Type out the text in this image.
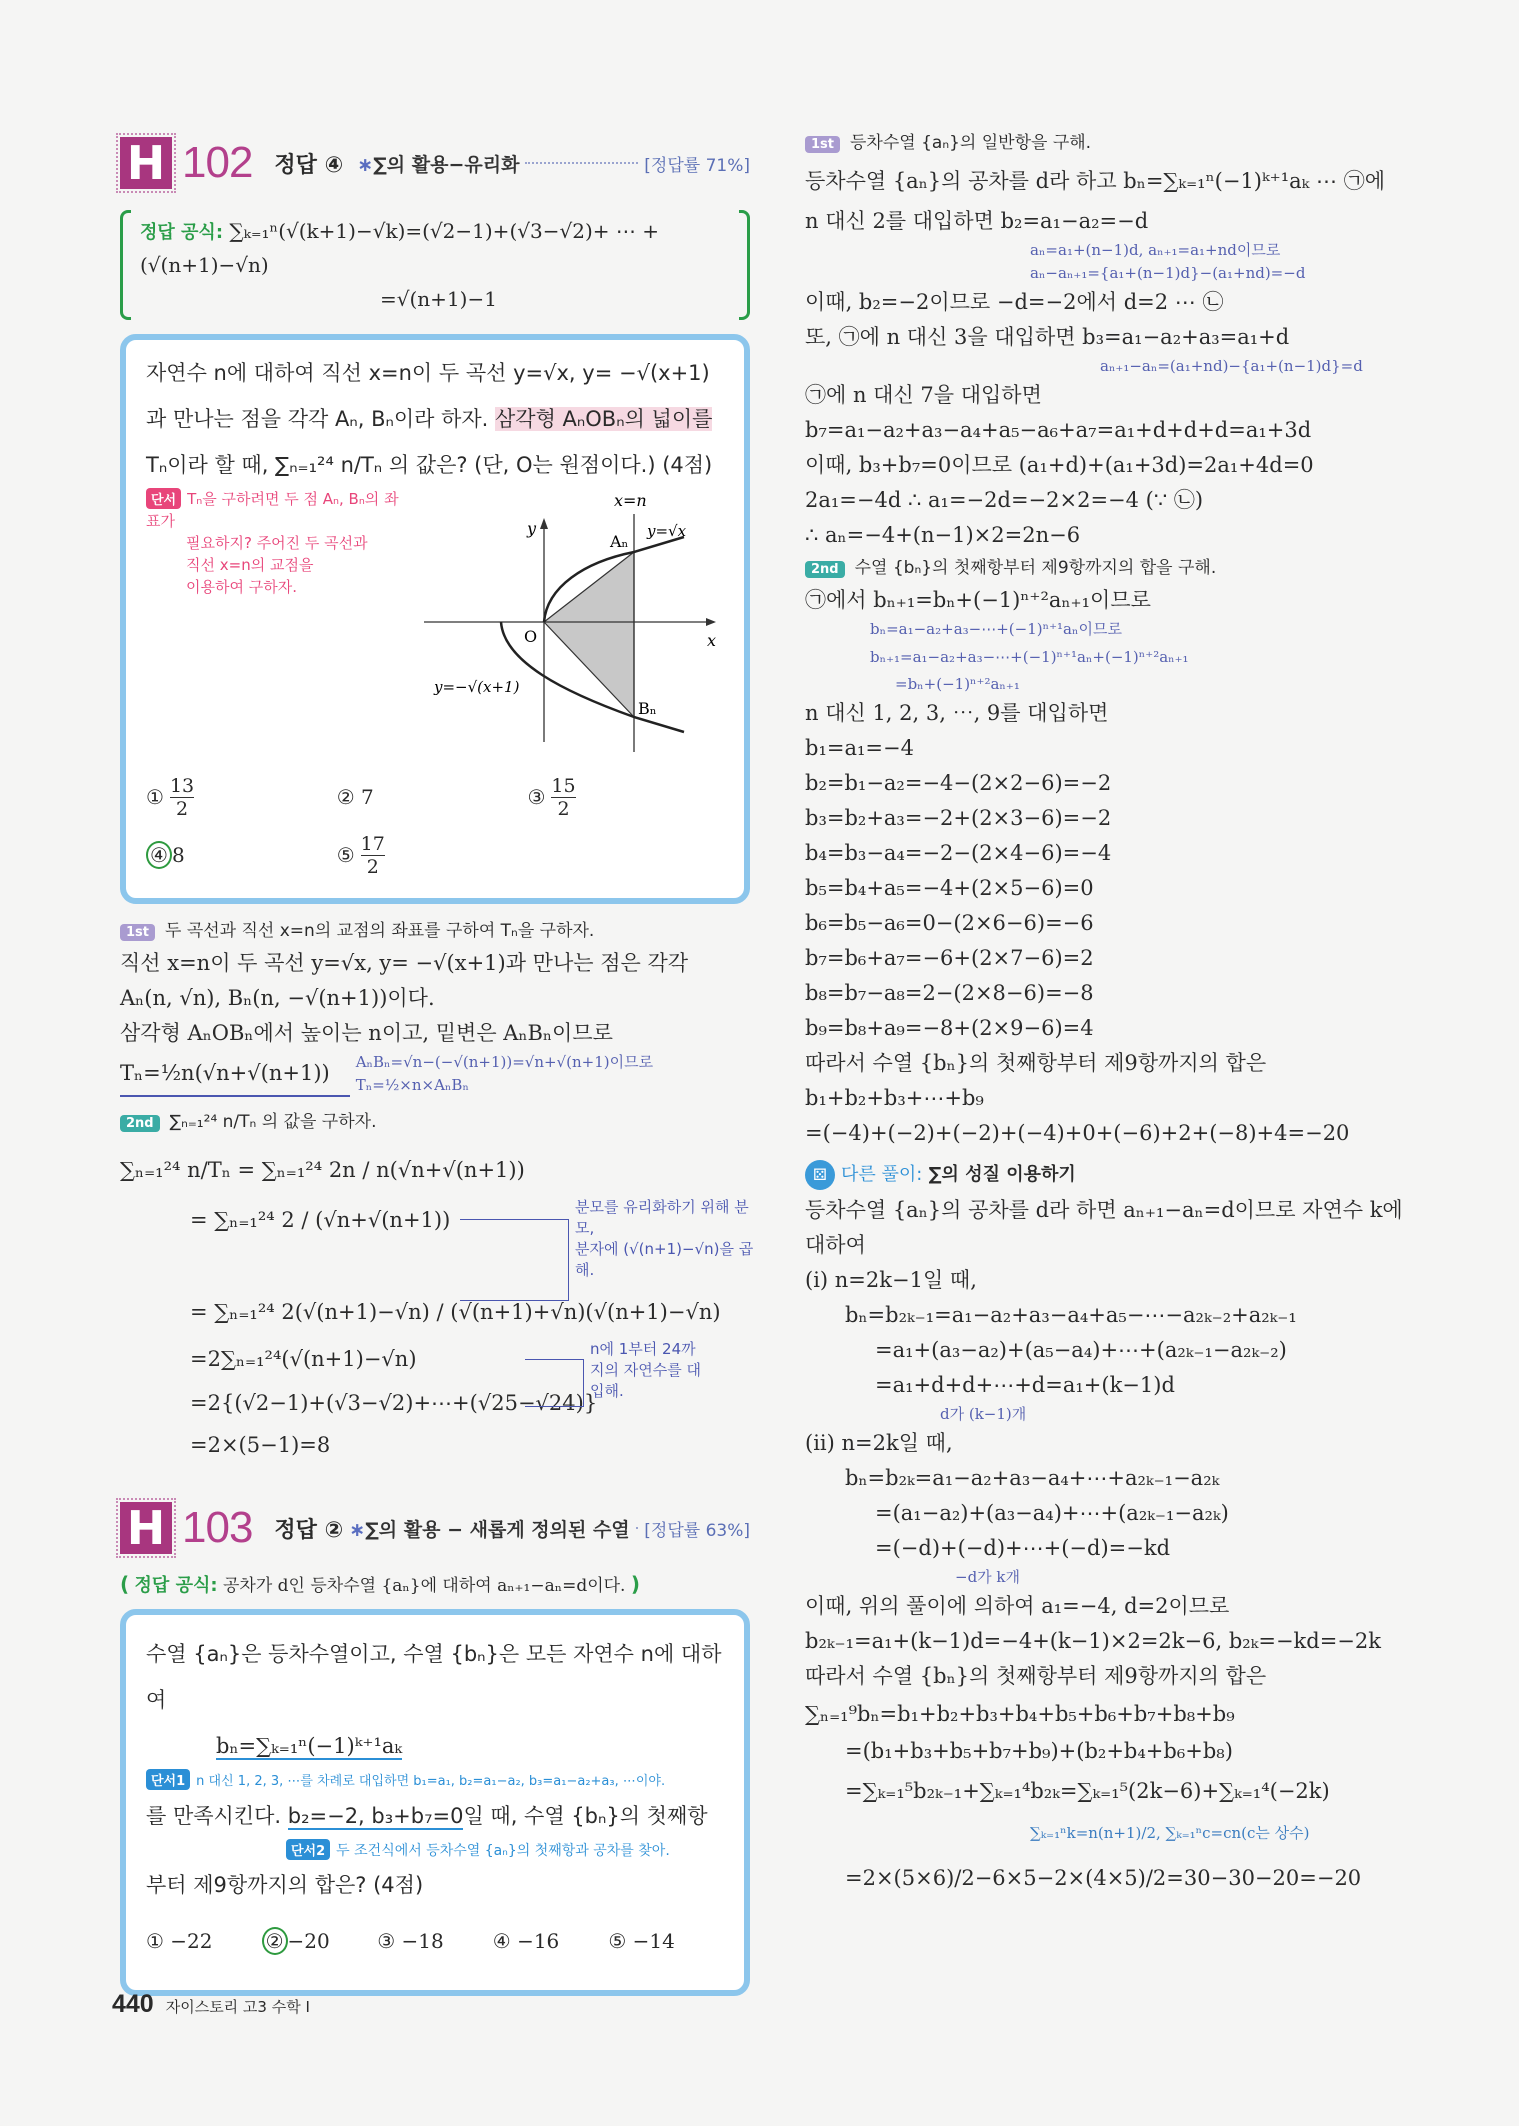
H 102 정답 ④ ∗∑의 활용−유리화	[정답률 71%]
정답 공식: ∑ₖ₌₁ⁿ(√(k+1)−√k)=(√2−1)+(√3−√2)+ ⋯ +(√(n+1)−√n)
=√(n+1)−1
자연수 n에 대하여 직선 x=n이 두 곡선 y=√x, y= −√(x+1)
과 만나는 점을 각각 Aₙ, Bₙ이라 하자. 삼각형 AₙOBₙ의 넓이를
Tₙ이라 할 때, ∑ₙ₌₁²⁴ n/Tₙ 의 값은? (단, O는 원점이다.) (4점)
단서 Tₙ을 구하려면 두 점 Aₙ, Bₙ의 좌표가
필요하지? 주어진 두 곡선과
직선 x=n의 교점을
이용하여 구하자.
O	x
y
x=n
y=√x
y=−√(x+1)
Aₙ
Bₙ
① $\frac{13}{2}$	②
7	③ $\frac{15}{2}$
④ 8	⑤ $\frac{17}{2}$
1st 두 곡선과 직선 x=n의 교점의 좌표를 구하여 Tₙ을 구하자.
직선 x=n이 두 곡선 y=√x, y= −√(x+1)과 만나는 점은 각각
Aₙ(n, √n), Bₙ(n, −√(n+1))이다.
삼각형 AₙOBₙ에서 높이는 n이고, 밑변은 AₙBₙ이므로
Tₙ=½n(√n+√(n+1))	AₙBₙ=√n−(−√(n+1))=√n+√(n+1)이므로
Tₙ=½×n×AₙBₙ
2nd ∑ₙ₌₁²⁴ n/Tₙ 의 값을 구하자.
∑ₙ₌₁²⁴ n/Tₙ = ∑ₙ₌₁²⁴ 2n / n(√n+√(n+1))
= ∑ₙ₌₁²⁴ 2 / (√n+√(n+1))
= ∑ₙ₌₁²⁴ 2(√(n+1)−√n) / (√(n+1)+√n)(√(n+1)−√n)
=2∑ₙ₌₁²⁴(√(n+1)−√n)
=2{(√2−1)+(√3−√2)+⋯+(√25−√24)}
=2×(5−1)=8
분모를 유리화하기 위해 분모,
분자에 (√(n+1)−√n)을 곱해.
n에 1부터 24까
지의 자연수를 대
입해.
H 103 정답 ② ∗∑의 활용 − 새롭게 정의된 수열 [정답률 63%]
( 정답 공식: 공차가 d인 등차수열 {aₙ}에 대하여 aₙ₊₁−aₙ=d이다. )
수열 {aₙ}은 등차수열이고, 수열 {bₙ}은 모든 자연수 n에 대하여
bₙ=∑ₖ₌₁ⁿ(−1)ᵏ⁺¹aₖ
단서1 n 대신 1, 2, 3, ⋯를 차례로 대입하면 b₁=a₁, b₂=a₁−a₂, b₃=a₁−a₂+a₃, ⋯이야.
를 만족시킨다. b₂=−2, b₃+b₇=0일 때, 수열 {bₙ}의 첫째항
단서2 두 조건식에서 등차수열 {aₙ}의 첫째항과 공차를 찾아.
부터 제9항까지의 합은? (4점)
①
−22	② −20 ③
−18 ④
−16 ⑤
−14
1st 등차수열 {aₙ}의 일반항을 구해.
등차수열 {aₙ}의 공차를 d라 하고 bₙ=∑ₖ₌₁ⁿ(−1)ᵏ⁺¹aₖ ⋯ ㉠에
n 대신 2를 대입하면 b₂=a₁−a₂=−d
aₙ=a₁+(n−1)d, aₙ₊₁=a₁+nd이므로
aₙ−aₙ₊₁={a₁+(n−1)d}−(a₁+nd)=−d
이때, b₂=−2이므로 −d=−2에서 d=2 ⋯ ㉡
또, ㉠에 n 대신 3을 대입하면 b₃=a₁−a₂+a₃=a₁+d
aₙ₊₁−aₙ=(a₁+nd)−{a₁+(n−1)d}=d
㉠에 n 대신 7을 대입하면
b₇=a₁−a₂+a₃−a₄+a₅−a₆+a₇=a₁+d+d+d=a₁+3d
이때, b₃+b₇=0이므로 (a₁+d)+(a₁+3d)=2a₁+4d=0
2a₁=−4d ∴ a₁=−2d=−2×2=−4 (∵ ㉡)
∴ aₙ=−4+(n−1)×2=2n−6
2nd 수열 {bₙ}의 첫째항부터 제9항까지의 합을 구해.
㉠에서 bₙ₊₁=bₙ+(−1)ⁿ⁺²aₙ₊₁이므로
bₙ=a₁−a₂+a₃−⋯+(−1)ⁿ⁺¹aₙ이므로
bₙ₊₁=a₁−a₂+a₃−⋯+(−1)ⁿ⁺¹aₙ+(−1)ⁿ⁺²aₙ₊₁
=bₙ+(−1)ⁿ⁺²aₙ₊₁
n 대신 1, 2, 3, ⋯, 9를 대입하면
b₁=a₁=−4
b₂=b₁−a₂=−4−(2×2−6)=−2
b₃=b₂+a₃=−2+(2×3−6)=−2
b₄=b₃−a₄=−2−(2×4−6)=−4
b₅=b₄+a₅=−4+(2×5−6)=0
b₆=b₅−a₆=0−(2×6−6)=−6
b₇=b₆+a₇=−6+(2×7−6)=2
b₈=b₇−a₈=2−(2×8−6)=−8
b₉=b₈+a₉=−8+(2×9−6)=4
따라서 수열 {bₙ}의 첫째항부터 제9항까지의 합은
b₁+b₂+b₃+⋯+b₉
=(−4)+(−2)+(−2)+(−4)+0+(−6)+2+(−8)+4=−20
⚄ 다른 풀이: ∑의 성질 이용하기
등차수열 {aₙ}의 공차를 d라 하면 aₙ₊₁−aₙ=d이므로 자연수 k에
대하여
(i) n=2k−1일 때,
bₙ=b₂ₖ₋₁=a₁−a₂+a₃−a₄+a₅−⋯−a₂ₖ₋₂+a₂ₖ₋₁
=a₁+(a₃−a₂)+(a₅−a₄)+⋯+(a₂ₖ₋₁−a₂ₖ₋₂)
=a₁+d+d+⋯+d=a₁+(k−1)d
d가 (k−1)개
(ii) n=2k일 때,
bₙ=b₂ₖ=a₁−a₂+a₃−a₄+⋯+a₂ₖ₋₁−a₂ₖ
=(a₁−a₂)+(a₃−a₄)+⋯+(a₂ₖ₋₁−a₂ₖ)
=(−d)+(−d)+⋯+(−d)=−kd
−d가 k개
이때, 위의 풀이에 의하여 a₁=−4, d=2이므로
b₂ₖ₋₁=a₁+(k−1)d=−4+(k−1)×2=2k−6, b₂ₖ=−kd=−2k
따라서 수열 {bₙ}의 첫째항부터 제9항까지의 합은
∑ₙ₌₁⁹bₙ=b₁+b₂+b₃+b₄+b₅+b₆+b₇+b₈+b₉
=(b₁+b₃+b₅+b₇+b₉)+(b₂+b₄+b₆+b₈)
=∑ₖ₌₁⁵b₂ₖ₋₁+∑ₖ₌₁⁴b₂ₖ=∑ₖ₌₁⁵(2k−6)+∑ₖ₌₁⁴(−2k)
∑ₖ₌₁ⁿk=n(n+1)/2, ∑ₖ₌₁ⁿc=cn(c는 상수)
=2×(5×6)/2−6×5−2×(4×5)/2=30−30−20=−20
440 자이스토리 고3 수학 I
